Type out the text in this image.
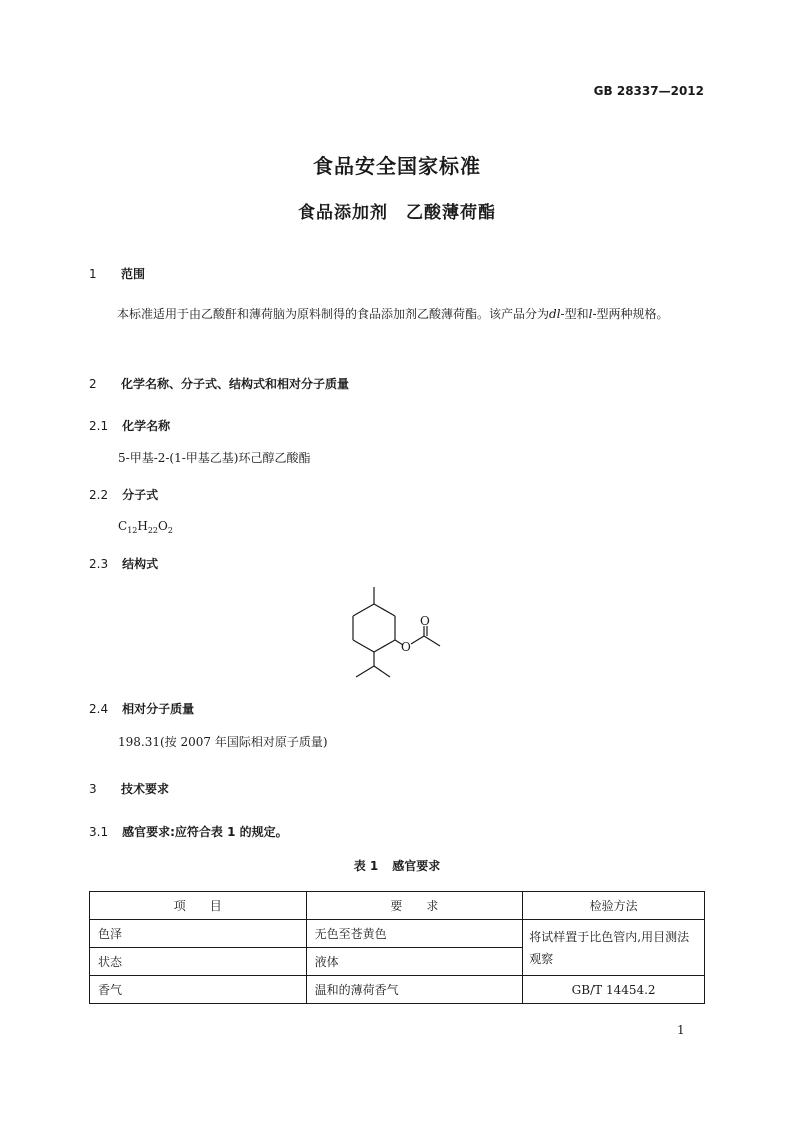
GB 28337—2012
食品安全国家标准
食品添加剂 乙酸薄荷酯
1 范围
本标准适用于由乙酸酐和薄荷脑为原料制得的食品添加剂乙酸薄荷酯。该产品分为dl-型和l-型两种规格。
2 化学名称、分子式、结构式和相对分子质量
2.1 化学名称
5-甲基-2-(1-甲基乙基)环己醇乙酸酯
2.2 分子式
$C_{12}H_{22}O_2$
2.3 结构式
O
O
2.4 相对分子质量
198.31(按 2007 年国际相对原子质量)
3 技术要求
3.1 感官要求:应符合表 1 的规定。
表 1 感官要求
项　　目	要　　求	检验方法
色泽	无色至苍黄色	将试样置于比色管内,用目测法观察
状态	液体	
香气	温和的薄荷香气	GB/T 14454.2
1
